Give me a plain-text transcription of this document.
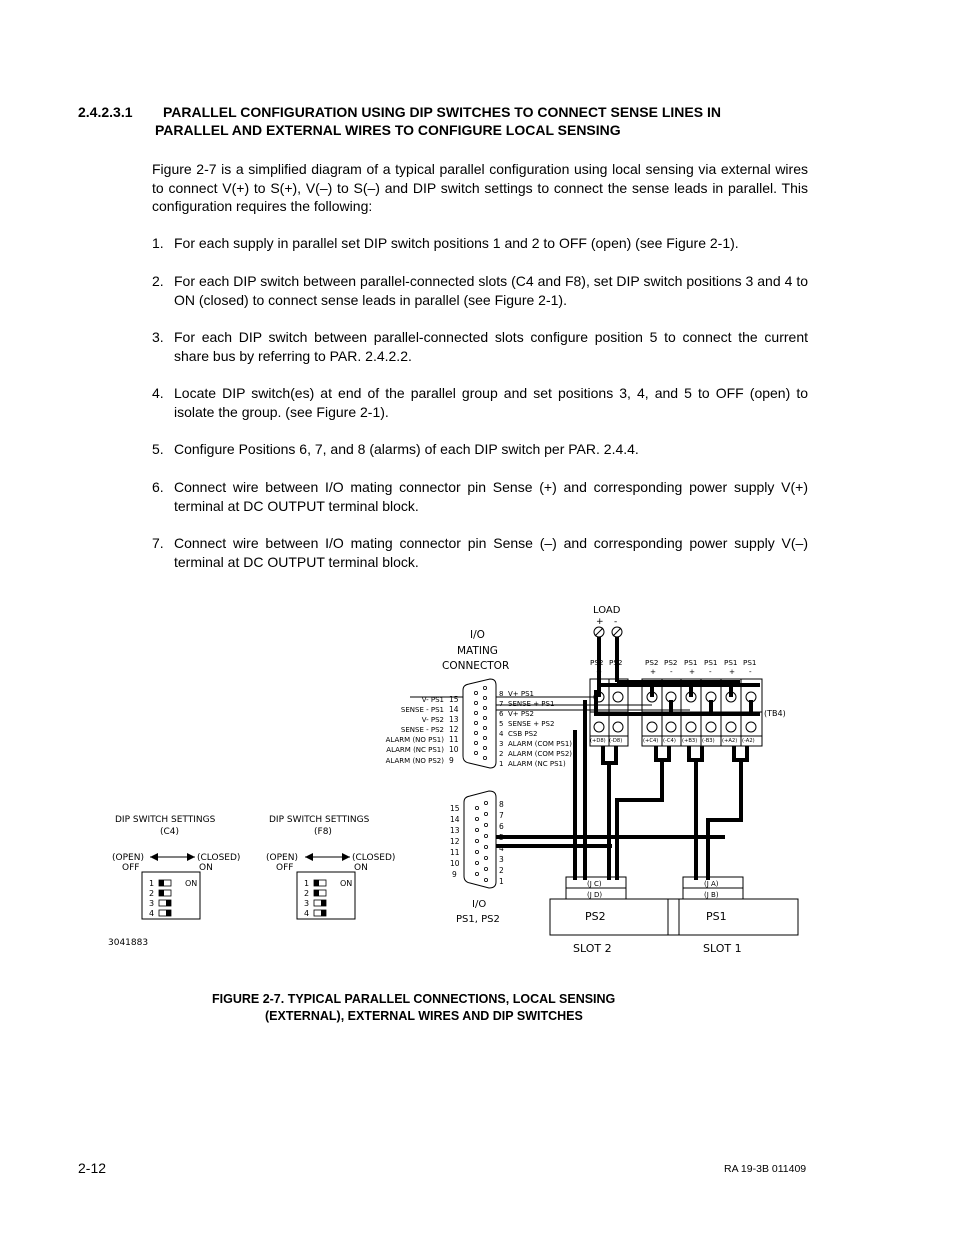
2.4.2.3.1 PARALLEL CONFIGURATION USING DIP SWITCHES TO CONNECT SENSE LINES IN
PARALLEL AND EXTERNAL WIRES TO CONFIGURE LOCAL SENSING
Figure 2-7 is a simplified diagram of a typical parallel configuration using local sensing via external wires to connect V(+) to S(+), V(–) to S(–) and DIP switch settings to connect the sense leads in parallel. This configuration requires the following:
1. For each supply in parallel set DIP switch positions 1 and 2 to OFF (open) (see Figure 2-1).
2. For each DIP switch between parallel-connected slots (C4 and F8), set DIP switch positions 3 and 4 to ON (closed) to connect sense leads in parallel (see Figure 2-1).
3. For each DIP switch between parallel-connected slots configure position 5 to connect the current share bus by referring to PAR. 2.4.2.2.
4. Locate DIP switch(es) at end of the parallel group and set positions 3, 4, and 5 to OFF (open) to isolate the group. (see Figure 2-1).
5. Configure Positions 6, 7, and 8 (alarms) of each DIP switch per PAR. 2.4.4.
6. Connect wire between I/O mating connector pin Sense (+) and corresponding power supply V(+) terminal at DC OUTPUT terminal block.
7. Connect wire between I/O mating connector pin Sense (–) and corresponding power supply V(–) terminal at DC OUTPUT terminal block.
LOAD
+ -
I/O
MATING
CONNECTOR	PS2 PS2	PS2 PS2 PS1 PS1 PS1 PS1
+ -	+ - + - + -
(TB4)
(+D8) (-D8)	(+C4) (-C4) (+B3) (-B3) (+A2) (-A2)
V- PS1
SENSE - PS1
V- PS2
SENSE - PS2
ALARM (NO PS1)
ALARM (NC PS1)
ALARM (NO PS2)
15
14
13
12
11
10
9
8
7
6
5
4
3
2
1
V+ PS1
SENSE + PS1
V+ PS2
SENSE + PS2
CSB PS2
ALARM (COM PS1)
ALARM (COM PS2)
ALARM (NC PS1)
15
14
13
12
11
10
9
8
7
6
5
4
3
2
1
I/O
PS1, PS2
DIP SWITCH SETTINGS
(C4)
DIP SWITCH SETTINGS
(F8)
(OPEN)
OFF
(CLOSED)
ON
(OPEN)
OFF
(CLOSED)
ON
1
2
3
4
ON	1
2
3
4
ON	(J C)
(J D)
(J A)
(J B)
PS2	PS1
SLOT 2	SLOT 1
3041883
FIGURE 2-7. TYPICAL PARALLEL CONNECTIONS, LOCAL SENSING
(EXTERNAL), EXTERNAL WIRES AND DIP SWITCHES
2-12	RA 19-3B 011409
